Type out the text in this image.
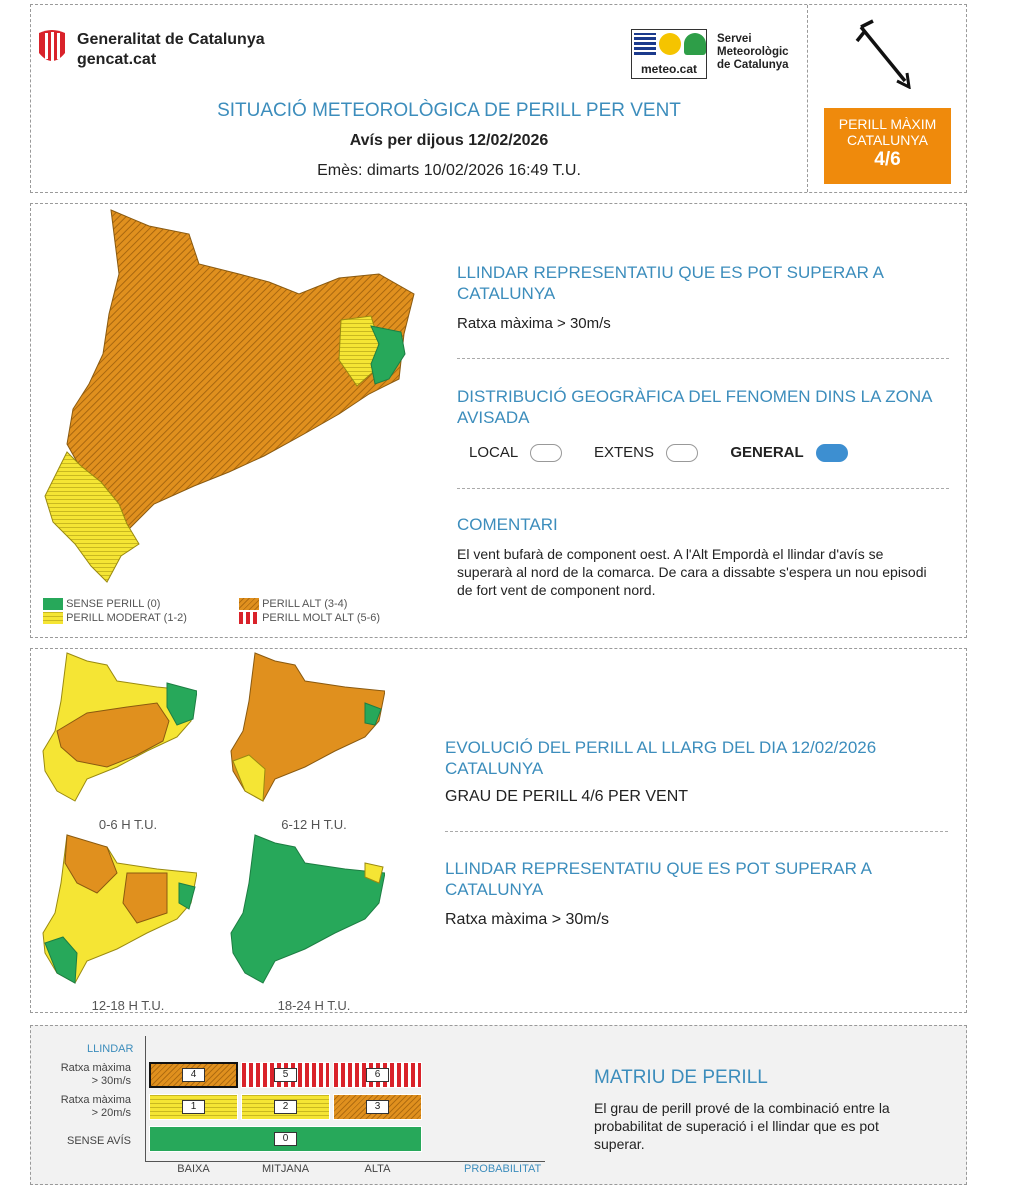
Generalitat de Catalunya
gencat.cat
meteo.cat
Servei
Meteorològic
de Catalunya
SITUACIÓ METEOROLÒGICA DE PERILL PER VENT
Avís per dijous 12/02/2026
Emès: dimarts 10/02/2026 16:49 T.U.
PERILL MÀXIM
CATALUNYA
4/6
SENSE PERILL (0)
PERILL MODERAT (1-2)
PERILL ALT (3-4)
PERILL MOLT ALT (5-6)
LLINDAR REPRESENTATIU QUE ES POT SUPERAR A CATALUNYA
Ratxa màxima > 30m/s
DISTRIBUCIÓ GEOGRÀFICA DEL FENOMEN DINS LA ZONA AVISADA
LOCAL	EXTENS	GENERAL
COMENTARI
El vent bufarà de component oest. A l'Alt Empordà el llindar d'avís se superarà al nord de la comarca. De cara a dissabte s'espera un nou episodi de fort vent de component nord.
0-6 H T.U.	6-12 H T.U.
12-18 H T.U.	18-24 H T.U.
EVOLUCIÓ DEL PERILL AL LLARG DEL DIA 12/02/2026
CATALUNYA
GRAU DE PERILL 4/6 PER VENT
LLINDAR REPRESENTATIU QUE ES POT SUPERAR A CATALUNYA
Ratxa màxima > 30m/s
LLINDAR
Ratxa màxima
> 30m/s
Ratxa màxima
> 20m/s
SENSE AVÍS
4	5	6
1	2	3
0
BAIXA	MITJANA	ALTA	PROBABILITAT
MATRIU DE PERILL
El grau de perill prové de la combinació entre la probabilitat de superació i el llindar que es pot superar.
